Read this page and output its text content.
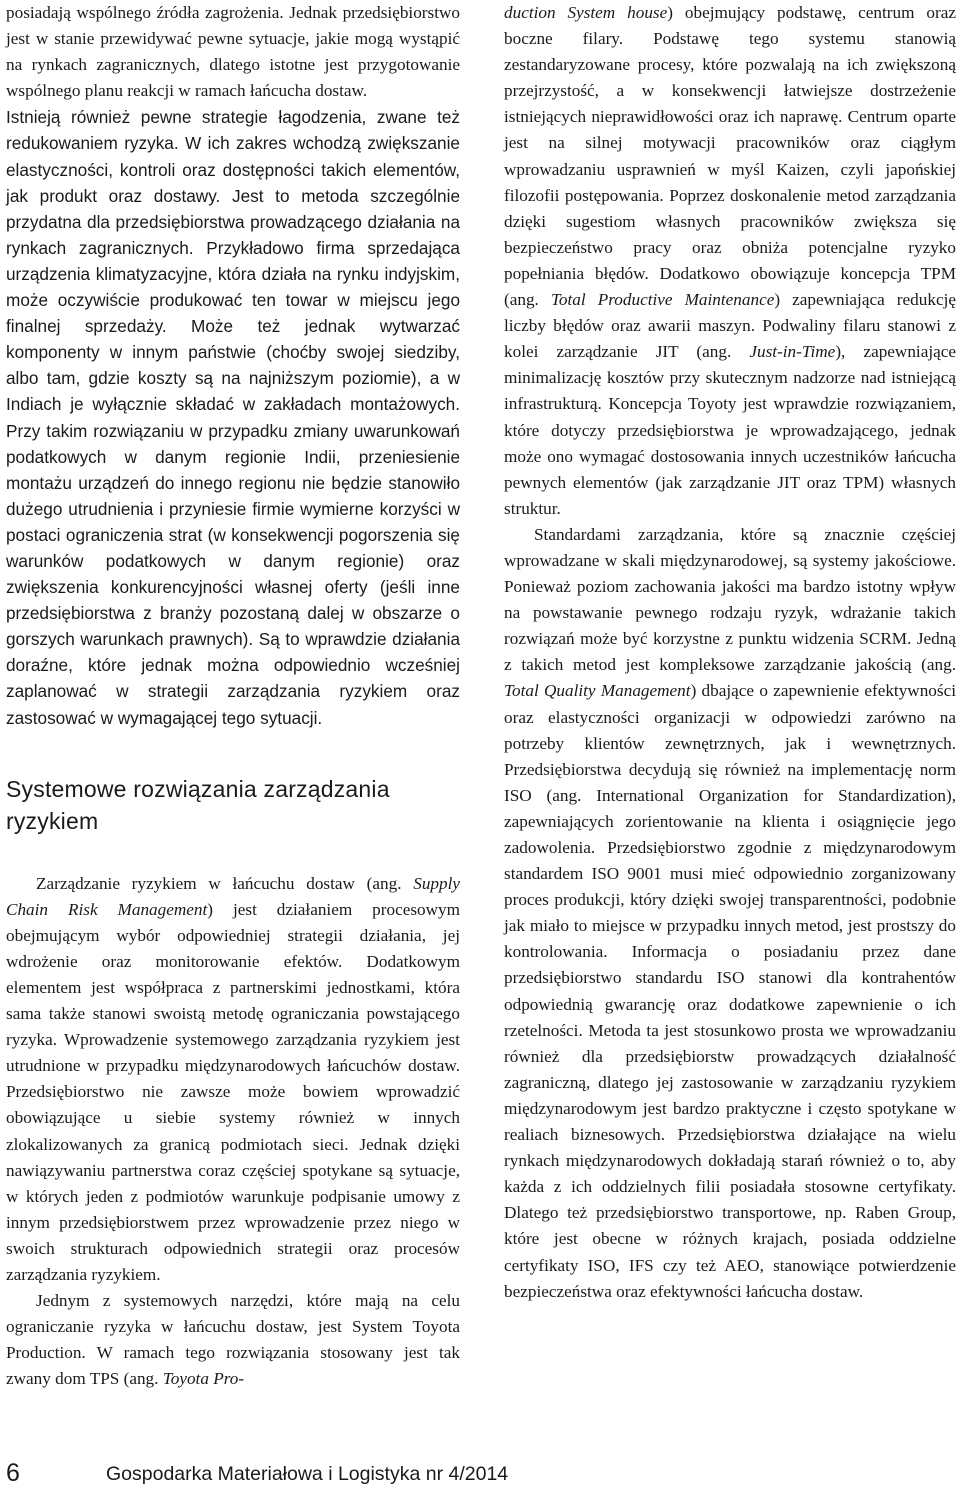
posiadają wspólnego źródła zagrożenia. Jednak przedsiębiorstwo jest w stanie przewidywać pewne sytuacje, jakie mogą wystąpić na rynkach zagranicznych, dlatego istotne jest przygotowanie wspólnego planu reakcji w ramach łańcucha dostaw.

Istnieją również pewne strategie łagodzenia, zwane też redukowaniem ryzyka. W ich zakres wchodzą zwiększanie elastyczności, kontroli oraz dostępności takich elementów, jak produkt oraz dostawy. Jest to metoda szczególnie przydatna dla przedsiębiorstwa prowadzącego działania na rynkach zagranicznych. Przykładowo firma sprzedająca urządzenia klimatyzacyjne, która działa na rynku indyjskim, może oczywiście produkować ten towar w miejscu jego finalnej sprzedaży. Może też jednak wytwarzać komponenty w innym państwie (choćby swojej siedziby, albo tam, gdzie koszty są na najniższym poziomie), a w Indiach je wyłącznie składać w zakładach montażowych. Przy takim rozwiązaniu w przypadku zmiany uwarunkowań podatkowych w danym regionie Indii, przeniesienie montażu urządzeń do innego regionu nie będzie stanowiło dużego utrudnienia i przyniesie firmie wymierne korzyści w postaci ograniczenia strat (w konsekwencji pogorszenia się warunków podatkowych w danym regionie) oraz zwiększenia konkurencyjności własnej oferty (jeśli inne przedsiębiorstwa z branży pozostaną dalej w obszarze o gorszych warunkach prawnych). Są to wprawdzie działania doraźne, które jednak można odpowiednio wcześniej zaplanować w strategii zarządzania ryzykiem oraz zastosować w wymagającej tego sytuacji.

Systemowe rozwiązania zarządzania ryzykiem

Zarządzanie ryzykiem w łańcuchu dostaw (ang. Supply Chain Risk Management) jest działaniem procesowym obejmującym wybór odpowiedniej strategii działania, jej wdrożenie oraz monitorowanie efektów. Dodatkowym elementem jest współpraca z partnerskimi jednostkami, która sama także stanowi swoistą metodę ograniczania powstającego ryzyka. Wprowadzenie systemowego zarządzania ryzykiem jest utrudnione w przypadku międzynarodowych łańcuchów dostaw. Przedsiębiorstwo nie zawsze może bowiem wprowadzić obowiązujące u siebie systemy również w innych zlokalizowanych za granicą podmiotach sieci. Jednak dzięki nawiązywaniu partnerstwa coraz częściej spotykane są sytuacje, w których jeden z podmiotów warunkuje podpisanie umowy z innym przedsiębiorstwem przez wprowadzenie przez niego w swoich strukturach odpowiednich strategii oraz procesów zarządzania ryzykiem.

Jednym z systemowych narzędzi, które mają na celu ograniczanie ryzyka w łańcuchu dostaw, jest System Toyota Production. W ramach tego rozwiązania stosowany jest tak zwany dom TPS (ang. Toyota Pro-

duction System house) obejmujący podstawę, centrum oraz boczne filary. Podstawę tego systemu stanowią zestandaryzowane procesy, które pozwalają na ich zwiększoną przejrzystość, a w konsekwencji łatwiejsze dostrzeżenie istniejących nieprawidłowości oraz ich naprawę. Centrum oparte jest na silnej motywacji pracowników oraz ciągłym wprowadzaniu usprawnień w myśl Kaizen, czyli japońskiej filozofii postępowania. Poprzez doskonalenie metod zarządzania dzięki sugestiom własnych pracowników zwiększa się bezpieczeństwo pracy oraz obniża potencjalne ryzyko popełniania błędów. Dodatkowo obowiązuje koncepcja TPM (ang. Total Productive Maintenance) zapewniająca redukcję liczby błędów oraz awarii maszyn. Podwaliny filaru stanowi z kolei zarządzanie JIT (ang. Just-in-Time), zapewniające minimalizację kosztów przy skutecznym nadzorze nad istniejącą infrastrukturą. Koncepcja Toyoty jest wprawdzie rozwiązaniem, które dotyczy przedsiębiorstwa je wprowadzającego, jednak może ono wymagać dostosowania innych uczestników łańcucha pewnych elementów (jak zarządzanie JIT oraz TPM) własnych struktur.

Standardami zarządzania, które są znacznie częściej wprowadzane w skali międzynarodowej, są systemy jakościowe. Ponieważ poziom zachowania jakości ma bardzo istotny wpływ na powstawanie pewnego rodzaju ryzyk, wdrażanie takich rozwiązań może być korzystne z punktu widzenia SCRM. Jedną z takich metod jest kompleksowe zarządzanie jakością (ang. Total Quality Management) dbające o zapewnienie efektywności oraz elastyczności organizacji w odpowiedzi zarówno na potrzeby klientów zewnętrznych, jak i wewnętrznych. Przedsiębiorstwa decydują się również na implementację norm ISO (ang. International Organization for Standardization), zapewniających zorientowanie na klienta i osiągnięcie jego zadowolenia. Przedsiębiorstwo zgodnie z międzynarodowym standardem ISO 9001 musi mieć odpowiednio zorganizowany proces produkcji, który dzięki swojej transparentności, podobnie jak miało to miejsce w przypadku innych metod, jest prostszy do kontrolowania. Informacja o posiadaniu przez dane przedsiębiorstwo standardu ISO stanowi dla kontrahentów odpowiednią gwarancję oraz dodatkowe zapewnienie o ich rzetelności. Metoda ta jest stosunkowo prosta we wprowadzaniu również dla przedsiębiorstw prowadzących działalność zagraniczną, dlatego jej zastosowanie w zarządzaniu ryzykiem międzynarodowym jest bardzo praktyczne i często spotykane w realiach biznesowych. Przedsiębiorstwa działające na wielu rynkach międzynarodowych dokładają starań również o to, aby każda z ich oddzielnych filii posiadała stosowne certyfikaty. Dlatego też przedsiębiorstwo transportowe, np. Raben Group, które jest obecne w różnych krajach, posiada oddzielne certyfikaty ISO, IFS czy też AEO, stanowiące potwierdzenie bezpieczeństwa oraz efektywności łańcucha dostaw.

6	Gospodarka Materiałowa i Logistyka nr 4/2014
